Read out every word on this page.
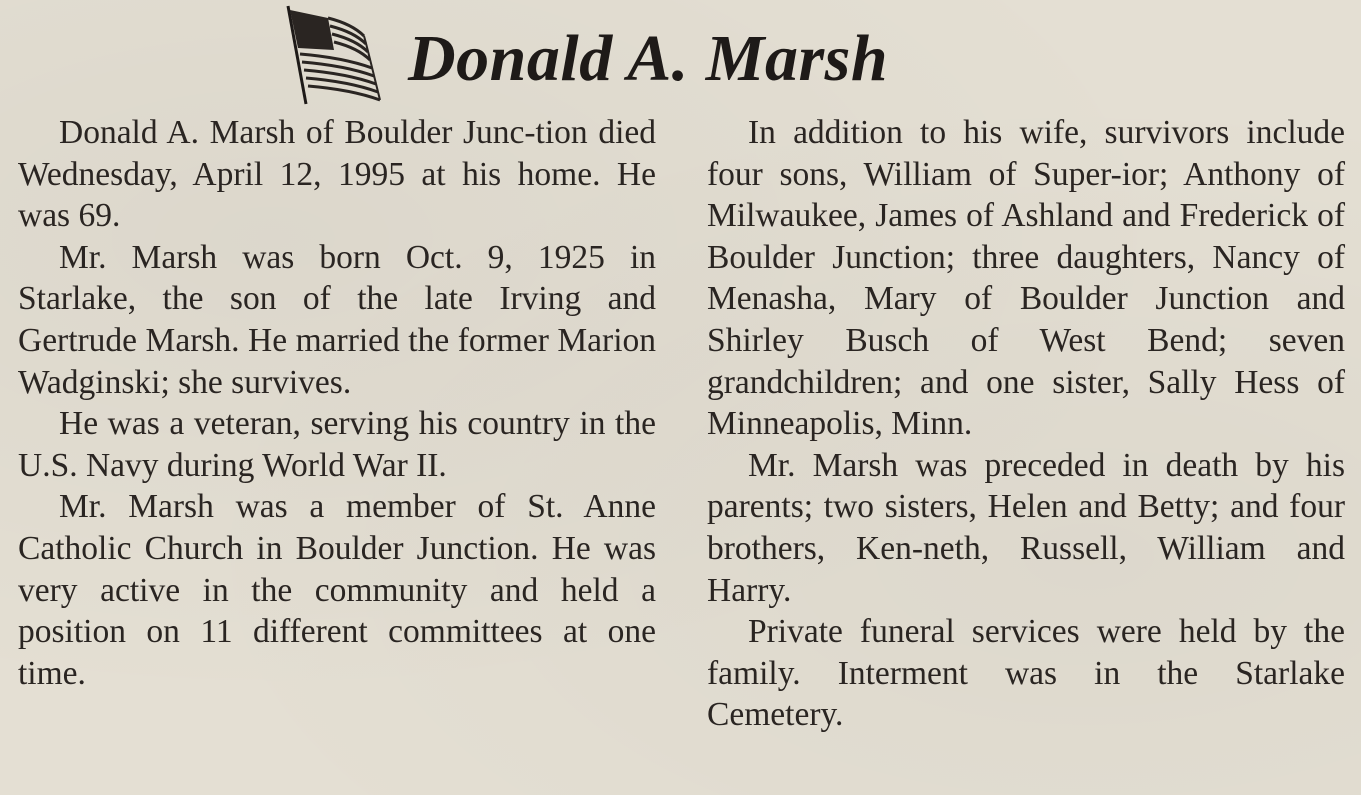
Donald A. Marsh

Donald A. Marsh of Boulder Junc-tion died Wednesday, April 12, 1995 at his home. He was 69.

Mr. Marsh was born Oct. 9, 1925 in Starlake, the son of the late Irving and Gertrude Marsh. He married the former Marion Wadginski; she survives.

He was a veteran, serving his country in the U.S. Navy during World War II.

Mr. Marsh was a member of St. Anne Catholic Church in Boulder Junction. He was very active in the community and held a position on 11 different committees at one time.

In addition to his wife, survivors include four sons, William of Super-ior; Anthony of Milwaukee, James of Ashland and Frederick of Boulder Junction; three daughters, Nancy of Menasha, Mary of Boulder Junction and Shirley Busch of West Bend; seven grandchildren; and one sister, Sally Hess of Minneapolis, Minn.

Mr. Marsh was preceded in death by his parents; two sisters, Helen and Betty; and four brothers, Ken-neth, Russell, William and Harry.

Private funeral services were held by the family. Interment was in the Starlake Cemetery.
